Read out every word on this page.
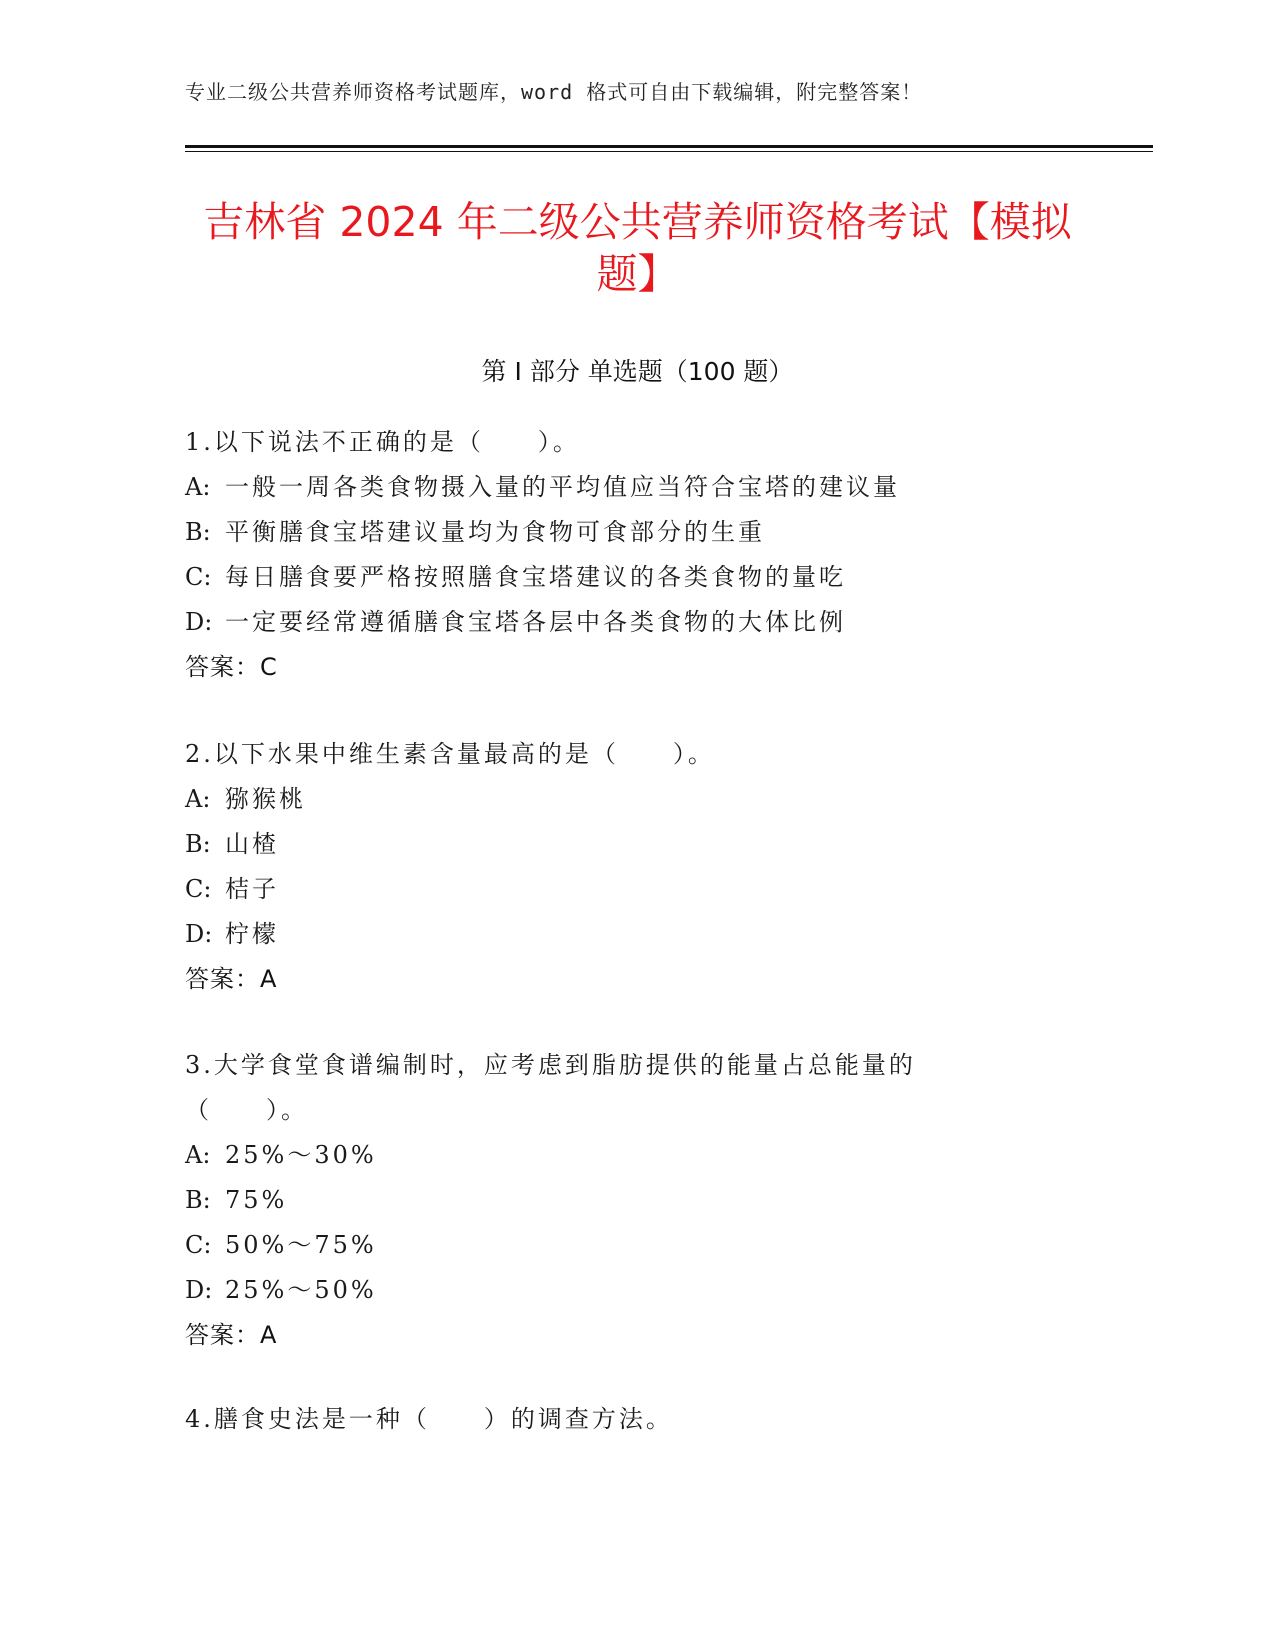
专业二级公共营养师资格考试题库，word 格式可自由下载编辑，附完整答案！
吉林省 2024 年二级公共营养师资格考试【模拟题】
第 I 部分 单选题（100 题）
1.以下说法不正确的是（　　）。
A: 一般一周各类食物摄入量的平均值应当符合宝塔的建议量
B: 平衡膳食宝塔建议量均为食物可食部分的生重
C: 每日膳食要严格按照膳食宝塔建议的各类食物的量吃
D: 一定要经常遵循膳食宝塔各层中各类食物的大体比例
答案：C
2.以下水果中维生素含量最高的是（　　）。
A: 猕猴桃
B: 山楂
C: 桔子
D: 柠檬
答案：A
3.大学食堂食谱编制时，应考虑到脂肪提供的能量占总能量的（　　）。
A: 25%～30%
B: 75%
C: 50%～75%
D: 25%～50%
答案：A
4.膳食史法是一种（　　）的调查方法。
